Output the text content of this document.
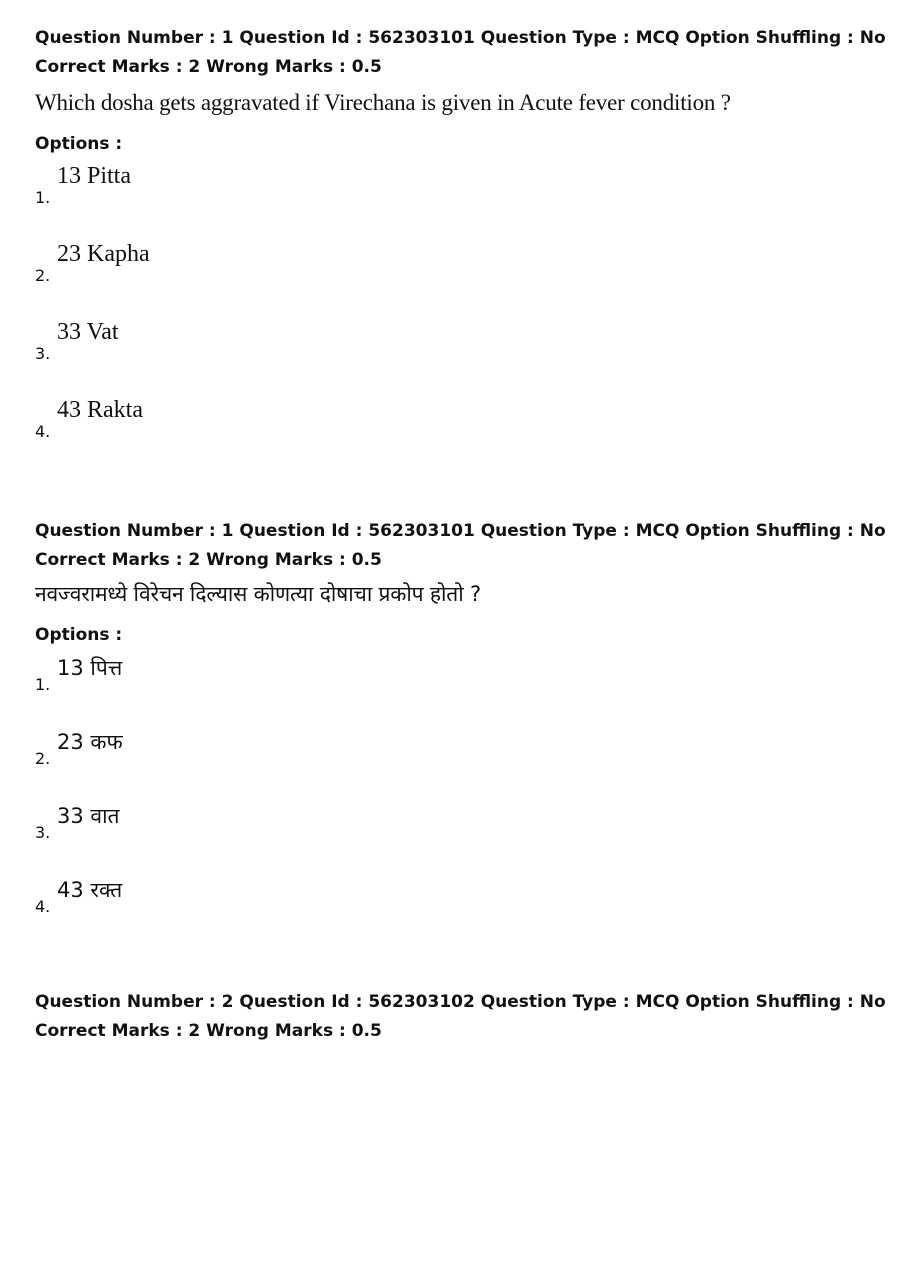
Question Number : 1 Question Id : 562303101 Question Type : MCQ Option Shuffling : No
Correct Marks : 2 Wrong Marks : 0.5
Which dosha gets aggravated if Virechana is given in Acute fever condition ?
Options :
1.
13 Pitta
2.
23 Kapha
3.
33 Vat
4.
43 Rakta
Question Number : 1 Question Id : 562303101 Question Type : MCQ Option Shuffling : No
Correct Marks : 2 Wrong Marks : 0.5
नवज्वरामध्ये विरेचन दिल्यास कोणत्या दोषाचा प्रकोप होतो ?
Options :
1.
13 पित्त
2.
23 कफ
3.
33 वात
4.
43 रक्त
Question Number : 2 Question Id : 562303102 Question Type : MCQ Option Shuffling : No
Correct Marks : 2 Wrong Marks : 0.5
